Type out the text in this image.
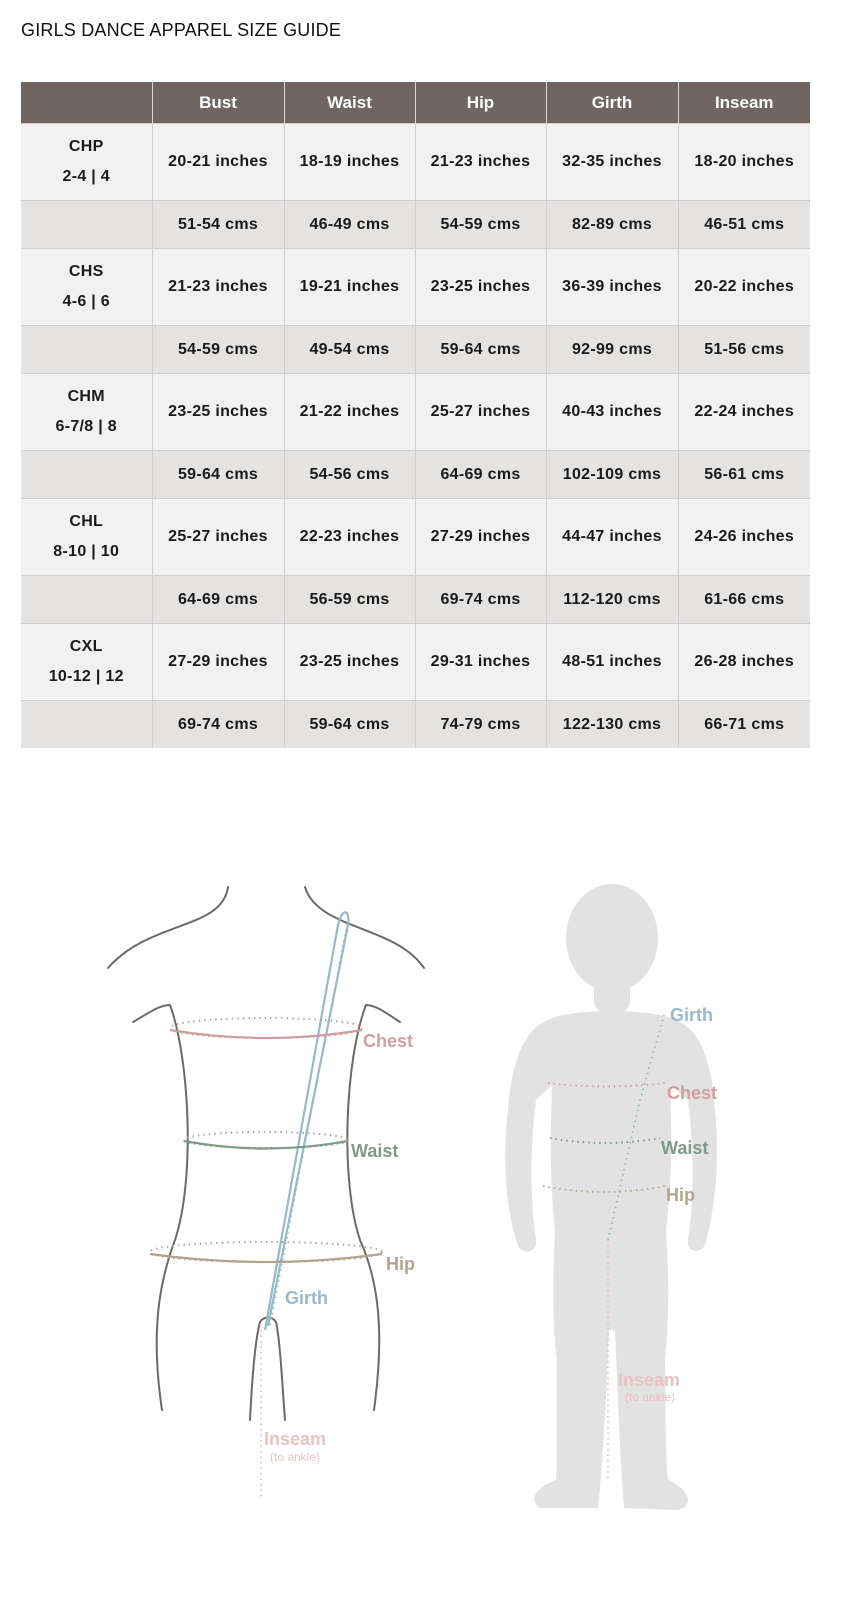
GIRLS DANCE APPAREL SIZE GUIDE
	Bust	Waist	Hip	Girth	Inseam
CHP
2-4 | 4	20-21 inches	18-19 inches	21-23 inches	32-35 inches	18-20 inches
	51-54 cms	46-49 cms	54-59 cms	82-89 cms	46-51 cms
CHS
4-6 | 6	21-23 inches	19-21 inches	23-25 inches	36-39 inches	20-22 inches
	54-59 cms	49-54 cms	59-64 cms	92-99 cms	51-56 cms
CHM
6-7/8 | 8	23-25 inches	21-22 inches	25-27 inches	40-43 inches	22-24 inches
	59-64 cms	54-56 cms	64-69 cms	102-109 cms	56-61 cms
CHL
8-10 | 10	25-27 inches	22-23 inches	27-29 inches	44-47 inches	24-26 inches
	64-69 cms	56-59 cms	69-74 cms	112-120 cms	61-66 cms
CXL
10-12 | 12	27-29 inches	23-25 inches	29-31 inches	48-51 inches	26-28 inches
	69-74 cms	59-64 cms	74-79 cms	122-130 cms	66-71 cms
Chest
Waist
Hip
Girth
Inseam
(to ankle)
Girth
Chest
Waist
Hip
Inseam
(to ankle)
